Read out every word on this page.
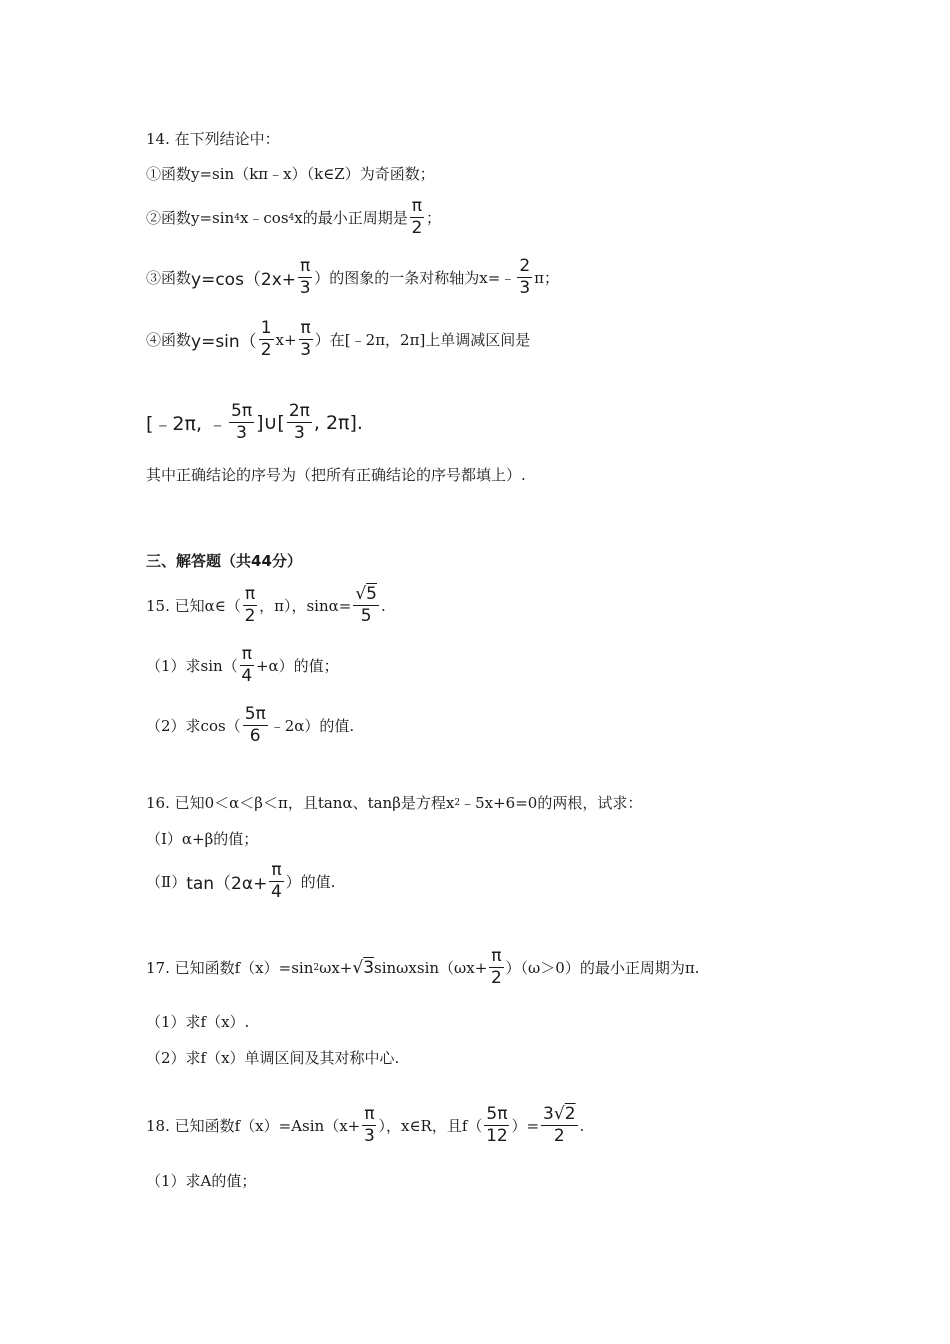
14. 在下列结论中：
①函数y=sin（kπ﹣x）（k∈Z）为奇函数；
②函数y=sin 4 x﹣cos 4 x的最小正周期是 $\frac{\pi}{2}$ ；
③函数 $y=\cos(2x+ \frac{\pi}{3}$ ）的图象的一条对称轴为x=﹣ $\frac{2}{3}$ π；
④函数 $y=\sin( \frac{1}{2} x+ \frac{\pi}{3}$ ）在[﹣2π，2π]上单调减区间是
[﹣2π, ﹣ $\frac{5\pi}{3}$ ]∪[ $\frac{2\pi}{3}$ , 2π].
其中正确结论的序号为（把所有正确结论的序号都填上）.
三、解答题（共44分）
15. 已知α∈（ $\frac{\pi}{2}$ ，π），$\sin\alpha= \frac{√5}{5}$ .
（1）求$\sin( \frac{\pi}{4} +\alpha)$的值；
（2）求$\cos( \frac{5\pi}{6}$ ﹣2α）的值.
16. 已知0＜α＜β＜π，且tanα、tanβ是方程x 2 ﹣5x+6=0的两根，试求：
（Ⅰ）α+β的值；
（Ⅱ） $\tan(2\alpha+ \frac{\pi}{4}$ ）的值.
17. 已知函数f（x）=sin 2 ωx+ √3 $\sin\omega xsin(\omega x+ \frac{\pi}{2} )(\omega>0)$的最小正周期为π.
（1）求f（x）.
（2）求f（x）单调区间及其对称中心.
18. 已知函数$f(x)=Asin(x+ \frac{\pi}{3}$ ），x∈R，且$f( \frac{5\pi}{12}$ ）= $\frac{3√2}{2}$ .
（1）求A的值；
